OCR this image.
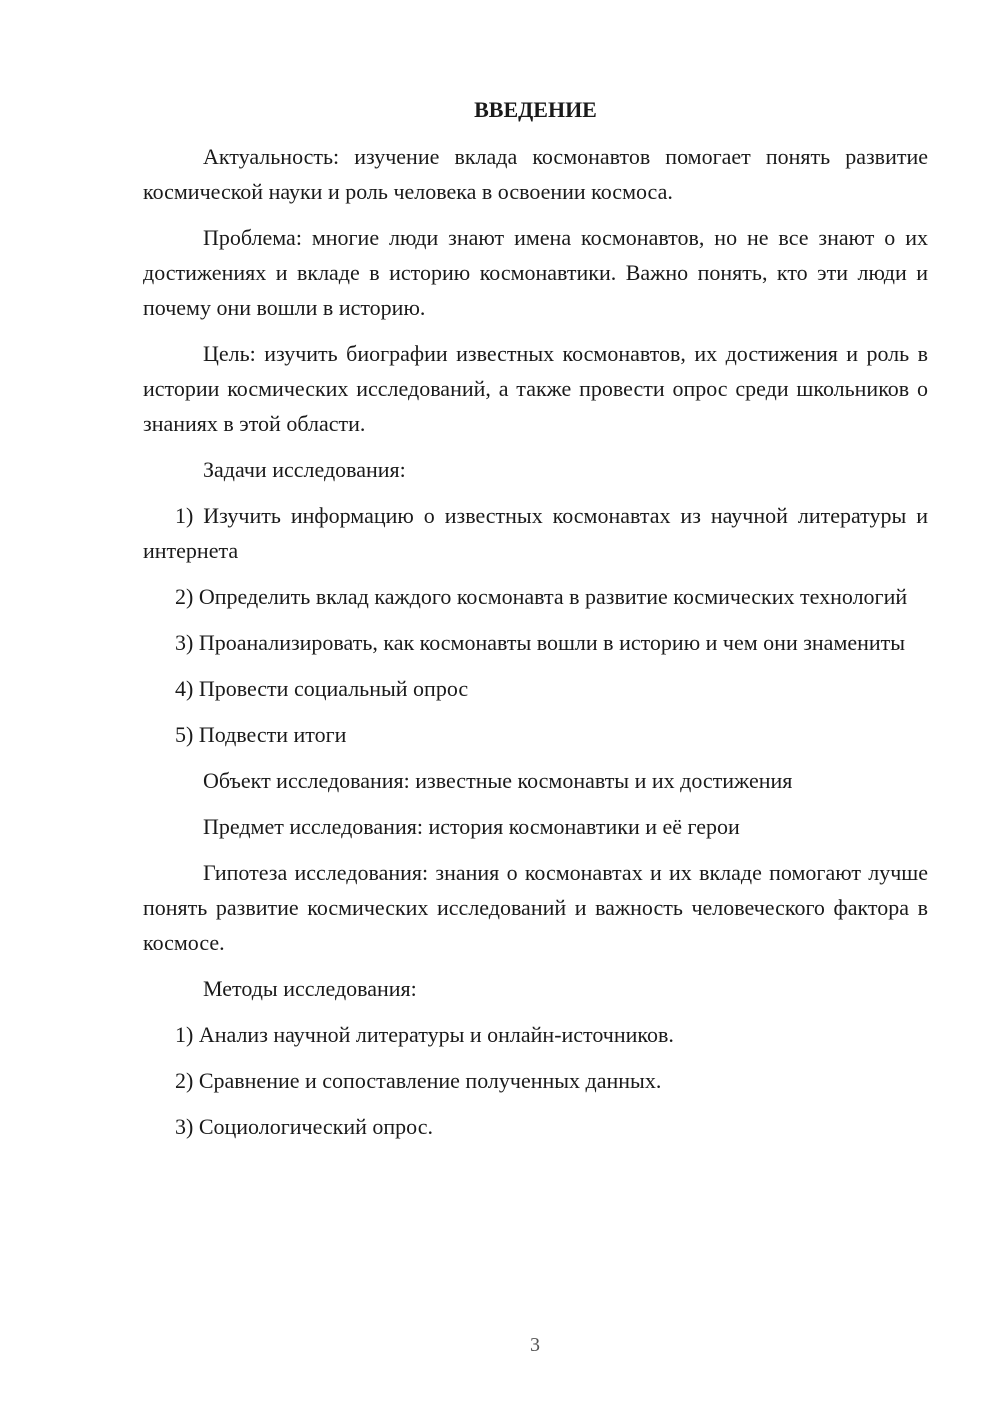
ВВЕДЕНИЕ

Актуальность: изучение вклада космонавтов помогает понять развитие космической науки и роль человека в освоении космоса.

Проблема: многие люди знают имена космонавтов, но не все знают о их достижениях и вкладе в историю космонавтики. Важно понять, кто эти люди и почему они вошли в историю.

Цель: изучить биографии известных космонавтов, их достижения и роль в истории космических исследований, а также провести опрос среди школьников о знаниях в этой области.

Задачи исследования:

1) Изучить информацию о известных космонавтах из научной литературы и интернета

2) Определить вклад каждого космонавта в развитие космических технологий

3) Проанализировать, как космонавты вошли в историю и чем они знамениты

4) Провести социальный опрос

5) Подвести итоги

Объект исследования: известные космонавты и их достижения

Предмет исследования: история космонавтики и её герои

Гипотеза исследования: знания о космонавтах и их вкладе помогают лучше понять развитие космических исследований и важность человеческого фактора в космосе.

Методы исследования:

1) Анализ научной литературы и онлайн-источников.

2) Сравнение и сопоставление полученных данных.

3) Социологический опрос.

3
